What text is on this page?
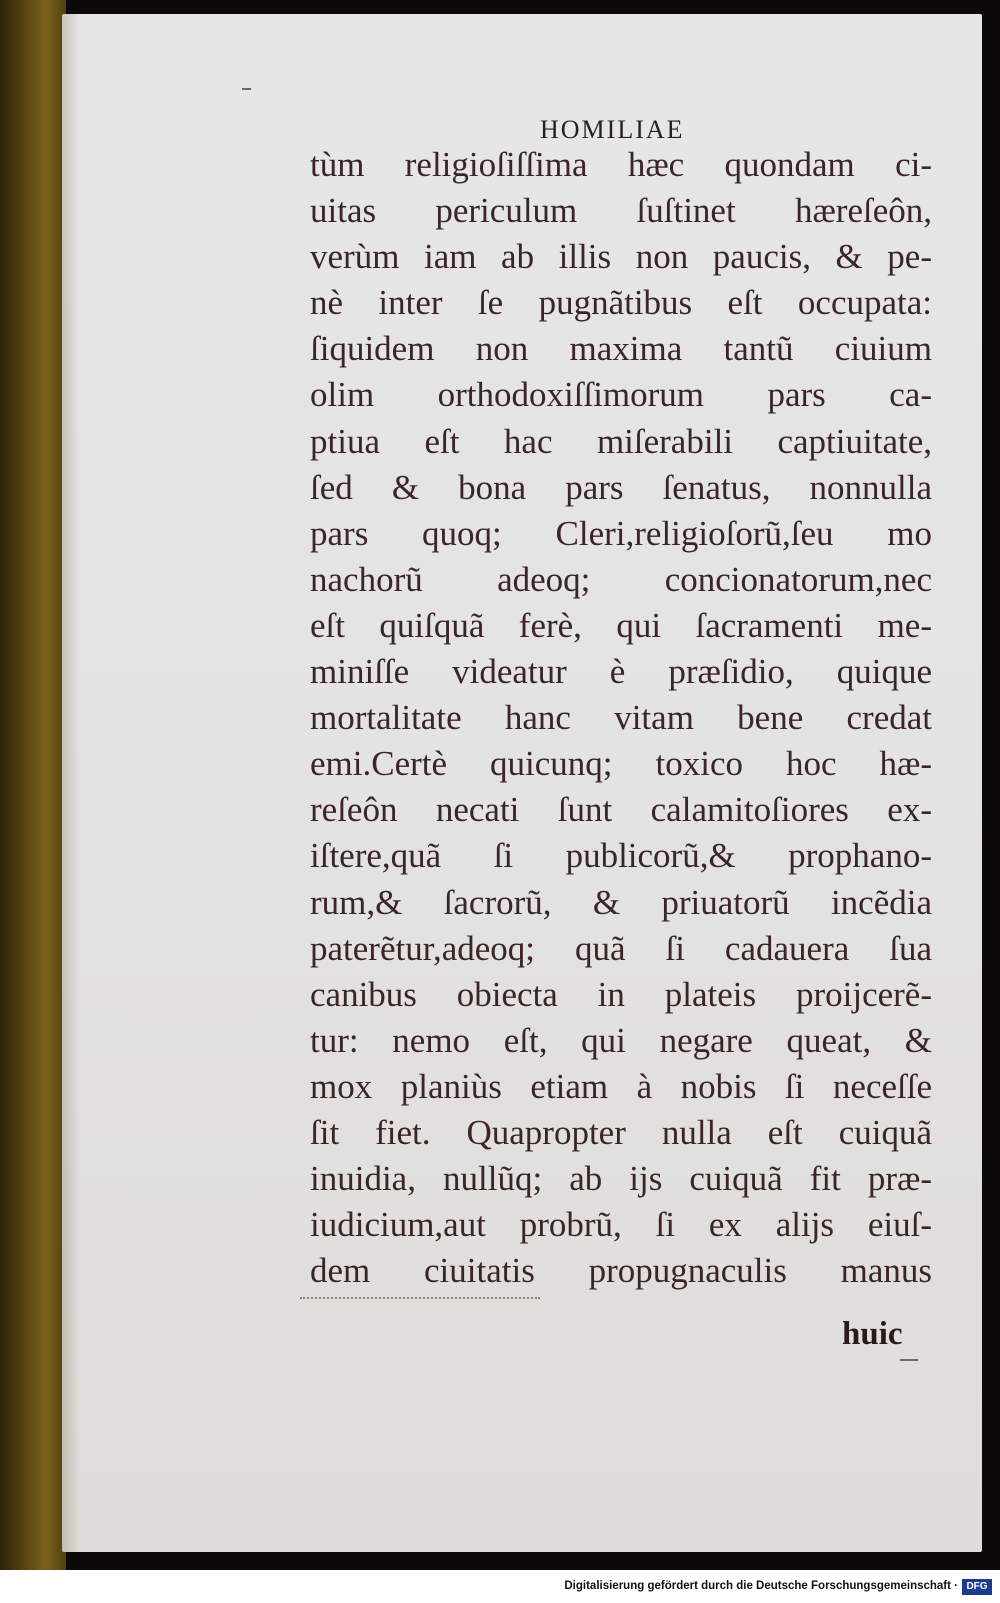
HOMILIAE
tùm religioſiſſima hæc quondam ci-
uitas periculum ſuſtinet hæreſeôn,
verùm iam ab illis non paucis, & pe-
nè inter ſe pugnãtibus eſt occupata:
ſiquidem non maxima tantũ ciuium
olim orthodoxiſſimorum pars ca-
ptiua eſt hac miſerabili captiuitate,
ſed & bona pars ſenatus, nonnulla
pars quoq; Cleri,religioſorũ,ſeu mo
nachorũ adeoq; concionatorum,nec
eſt quiſquã ferè, qui ſacramenti me-
miniſſe videatur è præſidio, quique
mortalitate hanc vitam bene credat
emi.Certè quicunq; toxico hoc hæ-
reſeôn necati ſunt calamitoſiores ex-
iſtere,quã ſi publicorũ,& prophano-
rum,& ſacrorũ, & priuatorũ incẽdia
paterẽtur,adeoq; quã ſi cadauera ſua
canibus obiecta in plateis proijcerẽ-
tur: nemo eſt, qui negare queat, &
mox planiùs etiam à nobis ſi neceſſe
ſit fiet. Quapropter nulla eſt cuiquã
inuidia, nullũq; ab ijs cuiquã fit præ-
iudicium,aut probrũ, ſi ex alijs eiuſ-
dem ciuitatis propugnaculis manus
huic
Digitalisierung gefördert durch die Deutsche Forschungsgemeinschaft · DFG
